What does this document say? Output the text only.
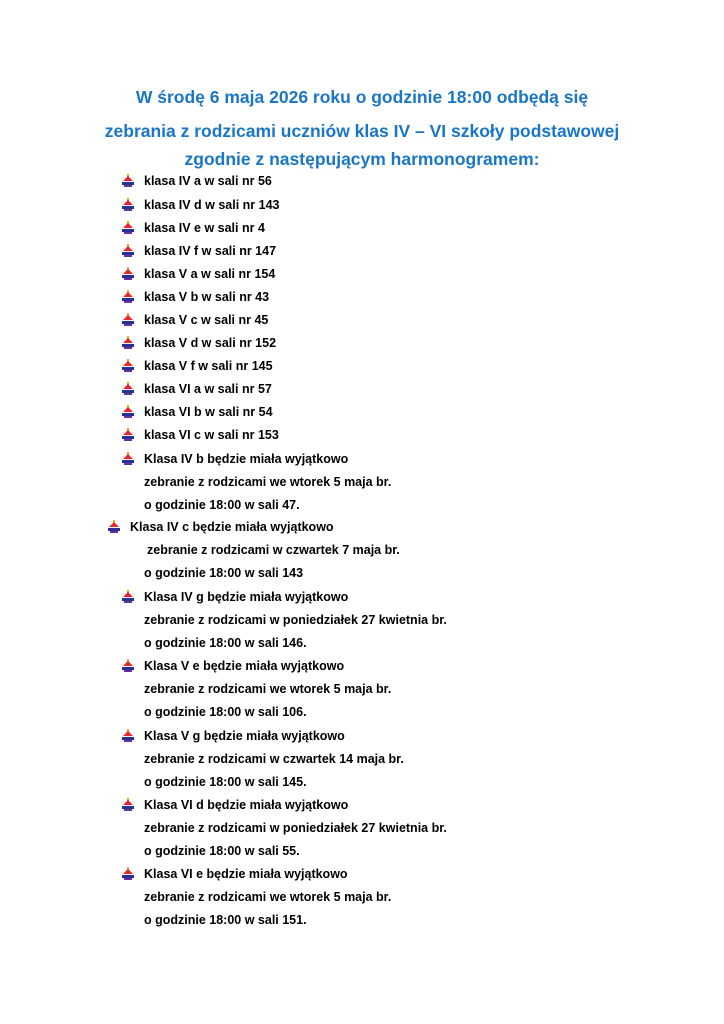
W środę 6 maja 2026 roku o godzinie 18:00 odbędą się

zebrania z rodzicami uczniów klas IV – VI szkoły podstawowej

zgodnie z następującym harmonogramem:

klasa IV a w sali nr 56
klasa IV d w sali nr 143
klasa IV e w sali nr 4
klasa IV f w sali nr 147
klasa V a w sali nr 154
klasa V b w sali nr 43
klasa V c w sali nr 45
klasa V d w sali nr 152
klasa V f w sali nr 145
klasa VI a w sali nr 57
klasa VI b w sali nr 54
klasa VI c w sali nr 153
Klasa IV b będzie miała wyjątkowo
zebranie z rodzicami we wtorek 5 maja br.
o godzinie 18:00 w sali 47.
Klasa IV c będzie miała wyjątkowo
zebranie z rodzicami w czwartek 7 maja br.
o godzinie 18:00 w sali 143
Klasa IV g będzie miała wyjątkowo
zebranie z rodzicami w poniedziałek 27 kwietnia br.
o godzinie 18:00 w sali 146.
Klasa V e będzie miała wyjątkowo
zebranie z rodzicami we wtorek 5 maja br.
o godzinie 18:00 w sali 106.
Klasa V g będzie miała wyjątkowo
zebranie z rodzicami w czwartek 14 maja br.
o godzinie 18:00 w sali 145.
Klasa VI d będzie miała wyjątkowo
zebranie z rodzicami w poniedziałek 27 kwietnia br.
o godzinie 18:00 w sali 55.
Klasa VI e będzie miała wyjątkowo
zebranie z rodzicami we wtorek 5 maja br.
o godzinie 18:00 w sali 151.
